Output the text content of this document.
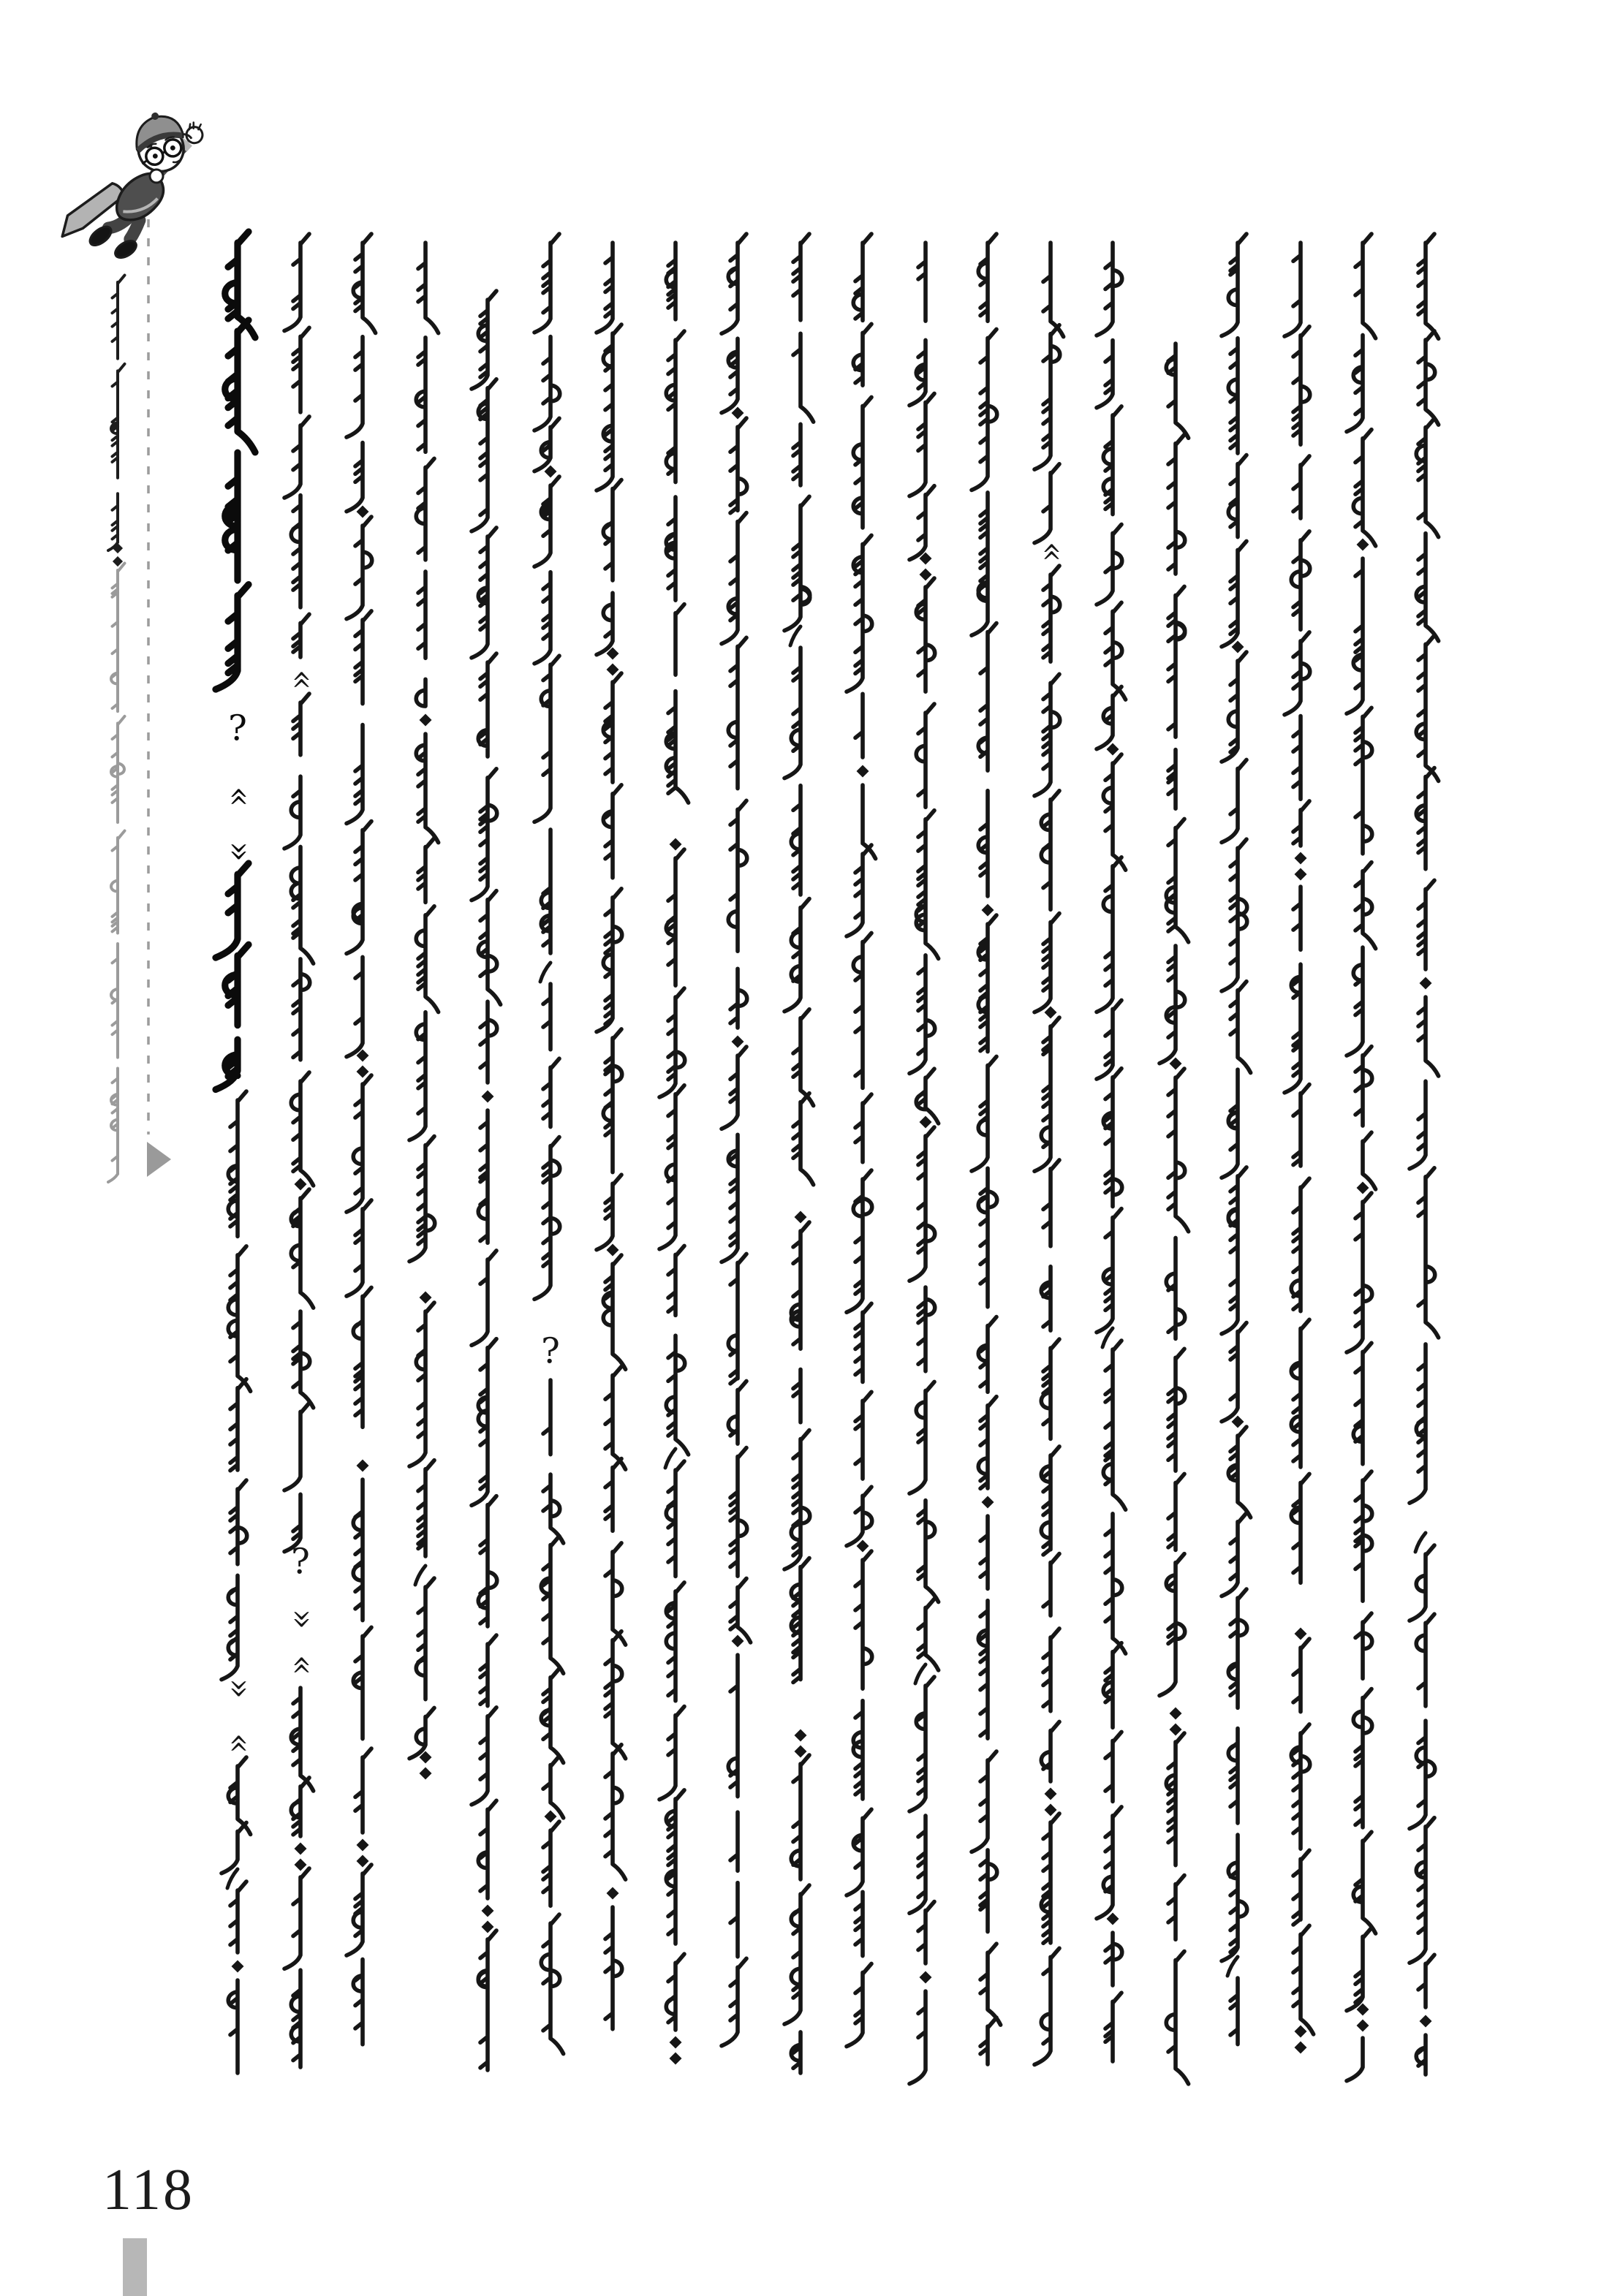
?
«
»
»
«
«
?
»
«
?
«
118
